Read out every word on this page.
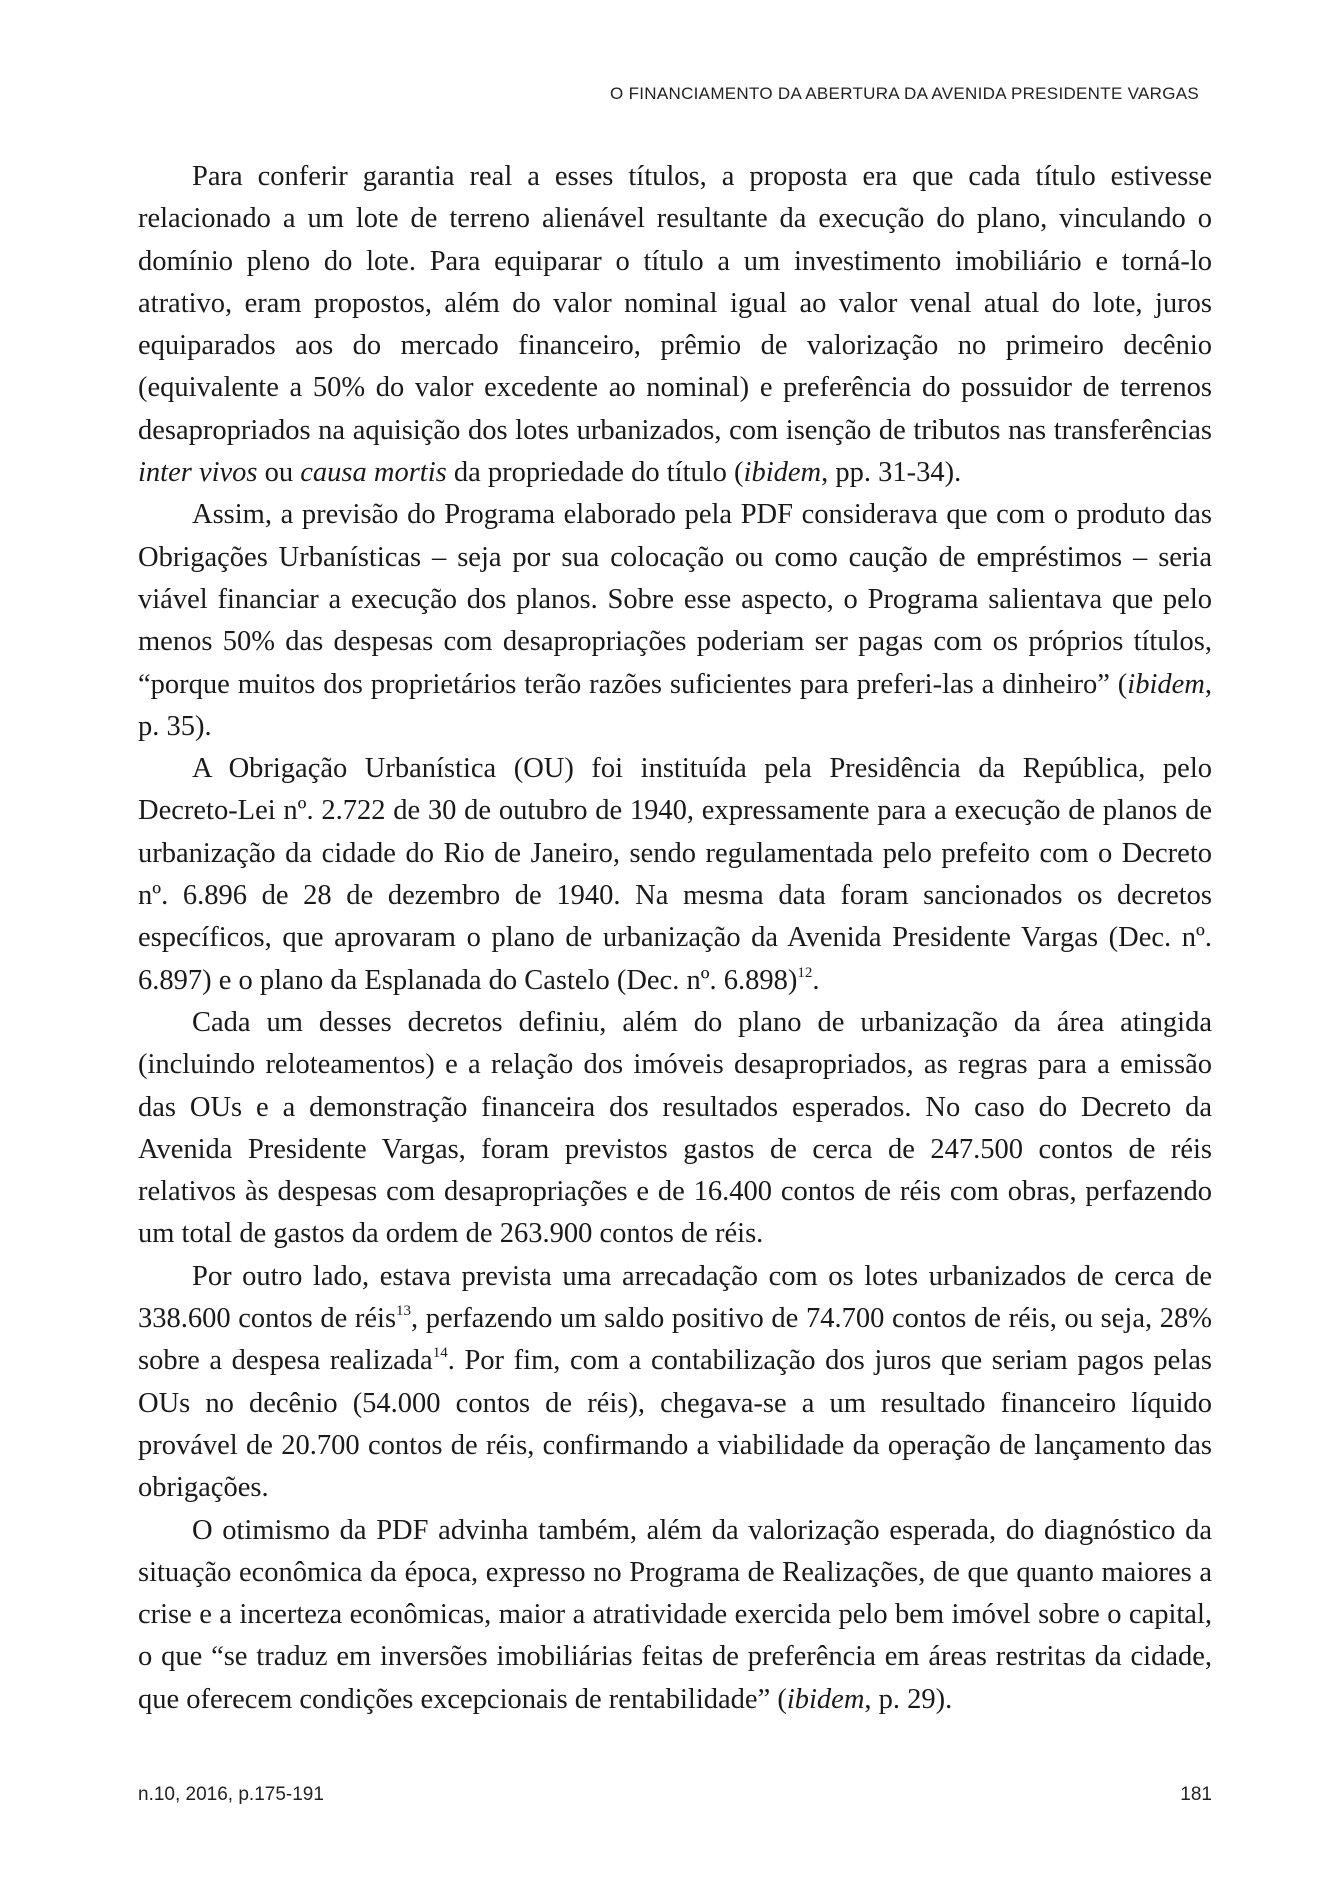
O FINANCIAMENTO DA ABERTURA DA AVENIDA PRESIDENTE VARGAS

Para conferir garantia real a esses títulos, a proposta era que cada título estivesse relacionado a um lote de terreno alienável resultante da execução do plano, vinculando o domínio pleno do lote. Para equiparar o título a um investimento imobiliário e torná-lo atrativo, eram propostos, além do valor nominal igual ao valor venal atual do lote, juros equiparados aos do mercado financeiro, prêmio de valorização no primeiro decênio (equivalente a 50% do valor excedente ao nominal) e preferência do possuidor de terrenos desapropriados na aquisição dos lotes urbanizados, com isenção de tributos nas transferências inter vivos ou causa mortis da propriedade do título (ibidem, pp. 31-34).

Assim, a previsão do Programa elaborado pela PDF considerava que com o produto das Obrigações Urbanísticas – seja por sua colocação ou como caução de empréstimos – seria viável financiar a execução dos planos. Sobre esse aspecto, o Programa salientava que pelo menos 50% das despesas com desapropriações poderiam ser pagas com os próprios títulos, “porque muitos dos proprietários terão razões suficientes para preferi-las a dinheiro” (ibidem, p. 35).

A Obrigação Urbanística (OU) foi instituída pela Presidência da República, pelo Decreto-Lei nº. 2.722 de 30 de outubro de 1940, expressamente para a execução de planos de urbanização da cidade do Rio de Janeiro, sendo regulamentada pelo prefeito com o Decreto nº. 6.896 de 28 de dezembro de 1940. Na mesma data foram sancionados os decretos específicos, que aprovaram o plano de urbanização da Avenida Presidente Vargas (Dec. nº. 6.897) e o plano da Esplanada do Castelo (Dec. nº. 6.898)$^{12}$.

Cada um desses decretos definiu, além do plano de urbanização da área atingida (incluindo reloteamentos) e a relação dos imóveis desapropriados, as regras para a emissão das OUs e a demonstração financeira dos resultados esperados. No caso do Decreto da Avenida Presidente Vargas, foram previstos gastos de cerca de 247.500 contos de réis relativos às despesas com desapropriações e de 16.400 contos de réis com obras, perfazendo um total de gastos da ordem de 263.900 contos de réis.

Por outro lado, estava prevista uma arrecadação com os lotes urbanizados de cerca de 338.600 contos de réis$^{13}$, perfazendo um saldo positivo de 74.700 contos de réis, ou seja, 28% sobre a despesa realizada$^{14}$. Por fim, com a contabilização dos juros que seriam pagos pelas OUs no decênio (54.000 contos de réis), chegava-se a um resultado financeiro líquido provável de 20.700 contos de réis, confirmando a viabilidade da operação de lançamento das obrigações.

O otimismo da PDF advinha também, além da valorização esperada, do diagnóstico da situação econômica da época, expresso no Programa de Realizações, de que quanto maiores a crise e a incerteza econômicas, maior a atratividade exercida pelo bem imóvel sobre o capital, o que “se traduz em inversões imobiliárias feitas de preferência em áreas restritas da cidade, que oferecem condições excepcionais de rentabilidade” (ibidem, p. 29).

n.10, 2016, p.175-191	181
